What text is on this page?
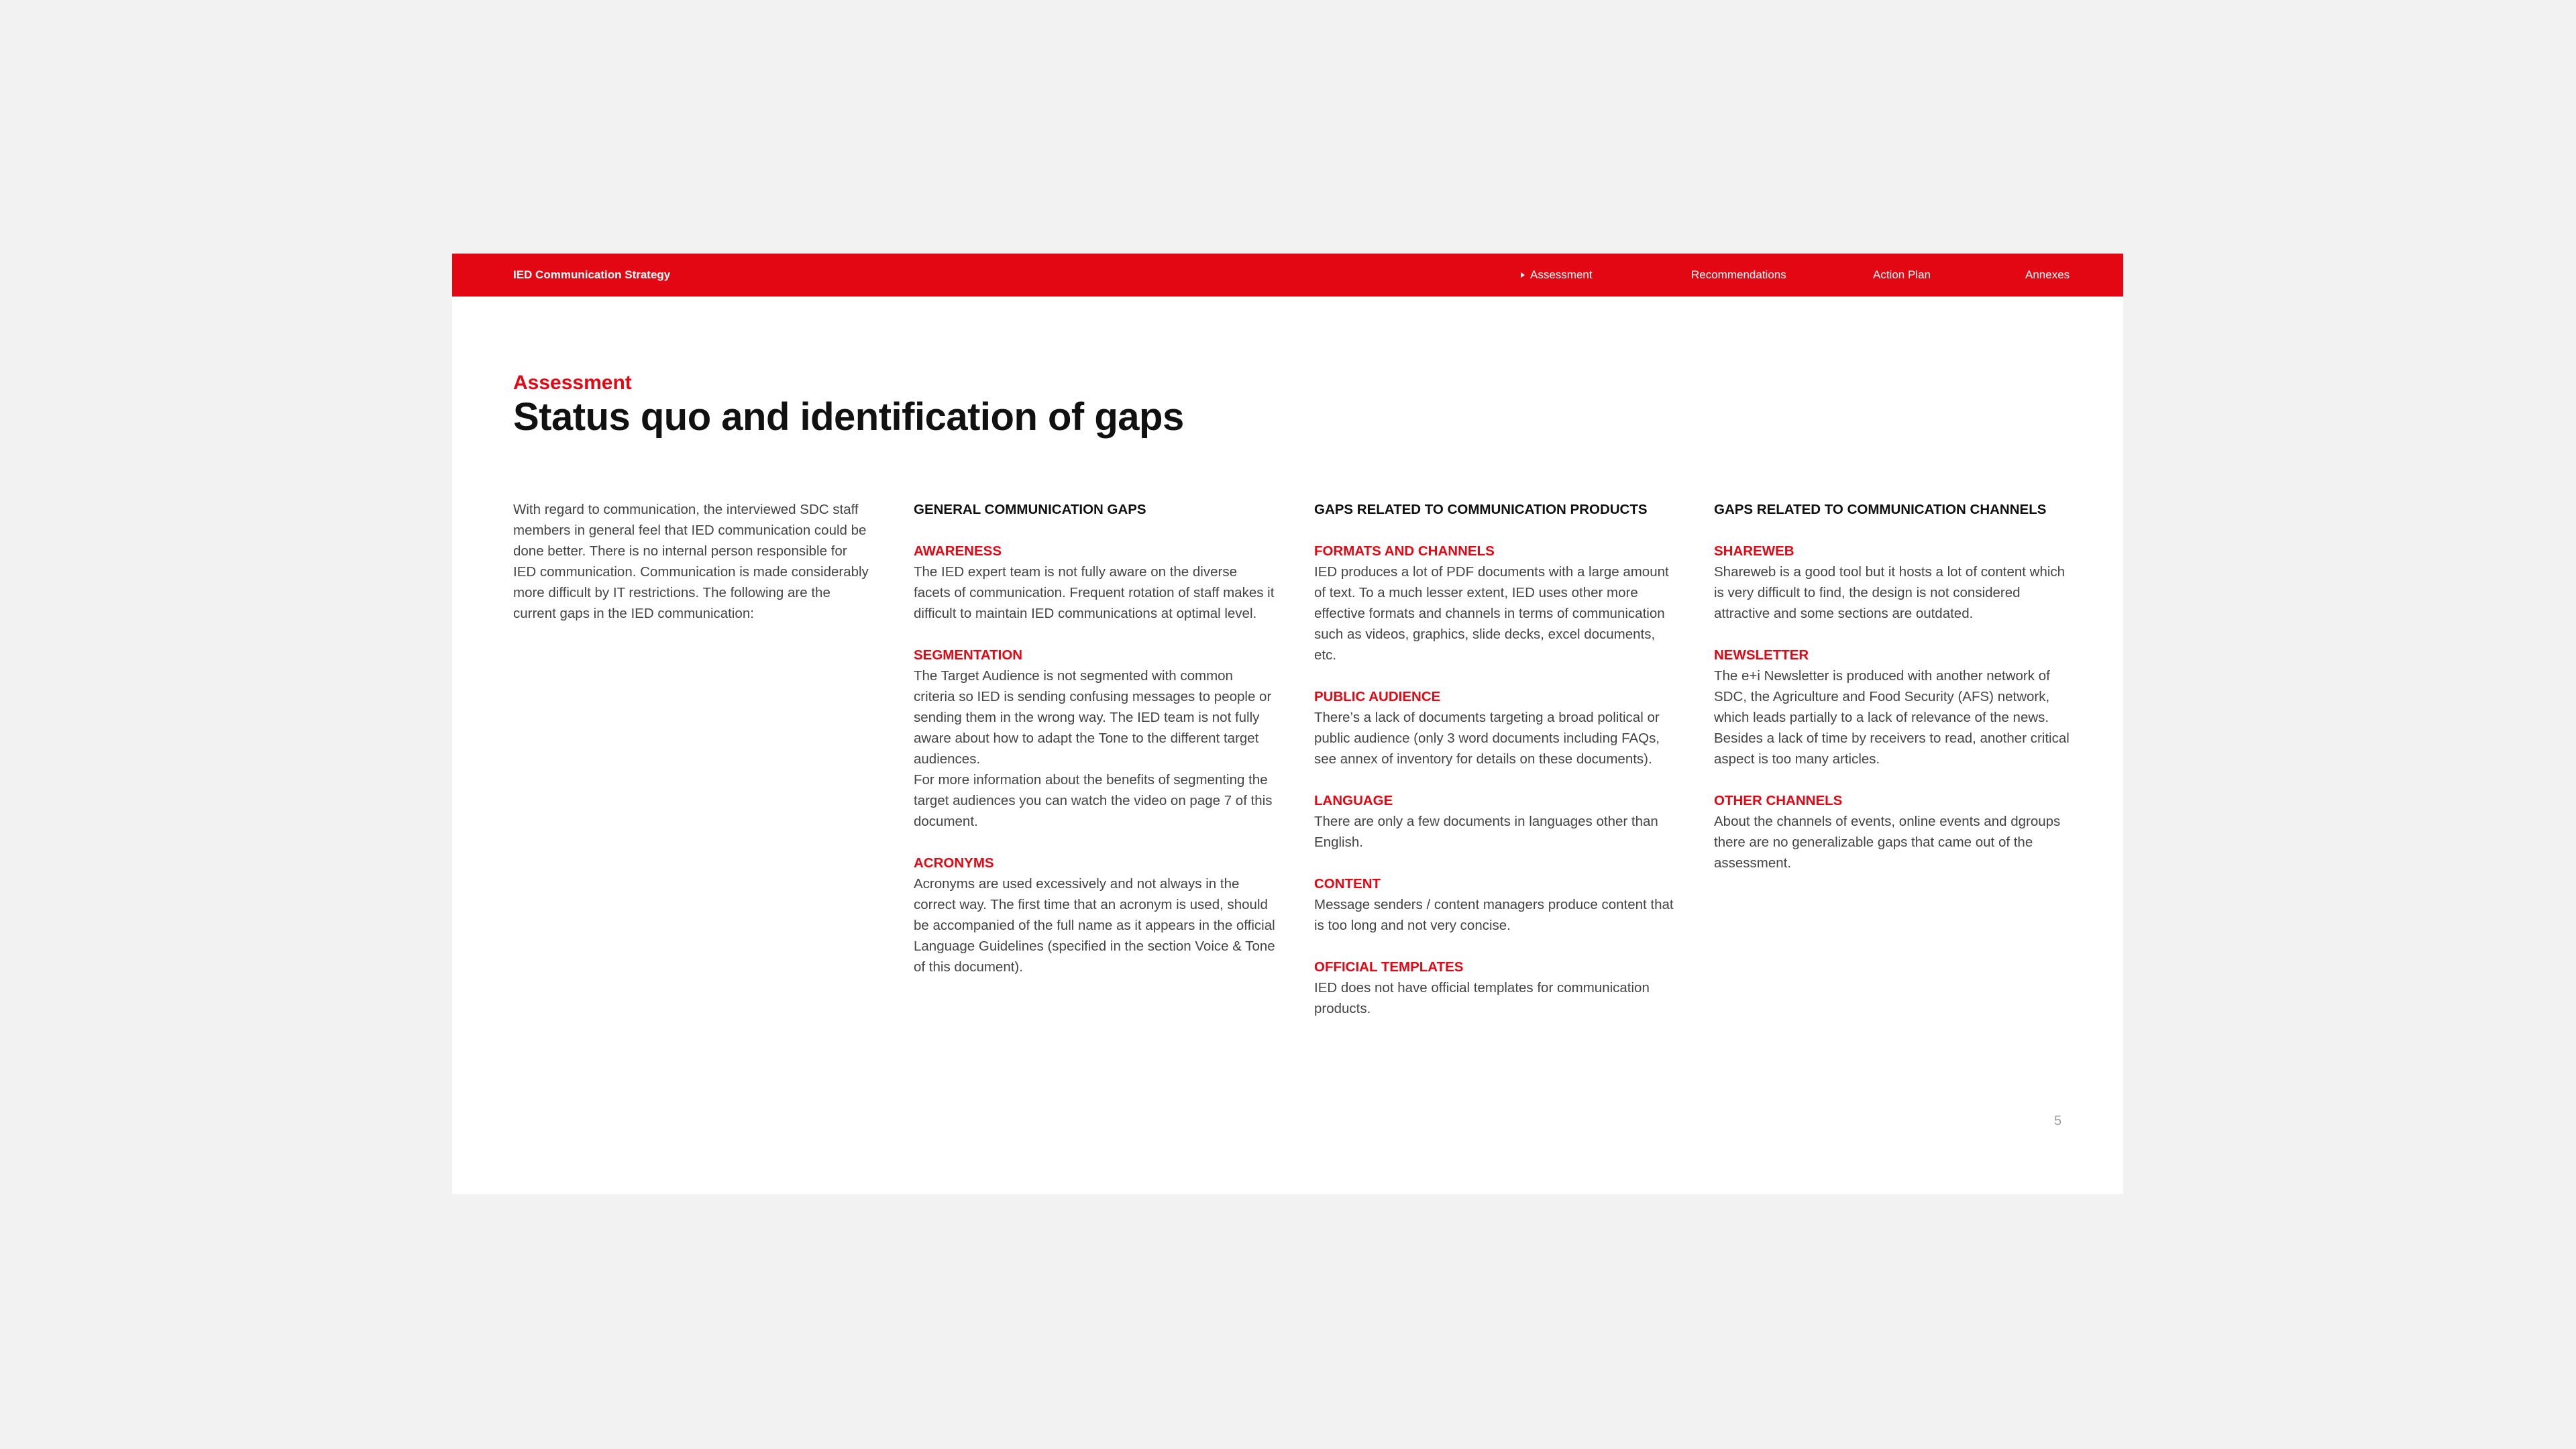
IED Communication Strategy	Assessment	Recommendations	Action Plan	Annexes
Assessment
Status quo and identification of gaps

With regard to communication, the interviewed SDC staff members in general feel that IED communication could be done better. There is no internal person responsible for IED communication. Communication is made considerably more difficult by IT restrictions. The following are the current gaps in the IED communication:

GENERAL COMMUNICATION GAPS
AWARENESS

The IED expert team is not fully aware on the diverse facets of communication. Frequent rotation of staff makes it difficult to maintain IED communications at optimal level.

SEGMENTATION

The Target Audience is not segmented with common criteria so IED is sending confusing messages to people or sending them in the wrong way. The IED team is not fully aware about how to adapt the Tone to the different target audiences.

For more information about the benefits of segmenting the target audiences you can watch the video on page 7 of this document.

ACRONYMS

Acronyms are used excessively and not always in the correct way. The first time that an acronym is used, should be accompanied of the full name as it appears in the official Language Guidelines (specified in the section Voice & Tone of this document).

GAPS RELATED TO COMMUNICATION PRODUCTS
FORMATS AND CHANNELS

IED produces a lot of PDF documents with a large amount of text. To a much lesser extent, IED uses other more effective formats and channels in terms of communication such as videos, graphics, slide decks, excel documents, etc.

PUBLIC AUDIENCE

There’s a lack of documents targeting a broad political or public audience (only 3 word documents including FAQs, see annex of inventory for details on these documents).

LANGUAGE

There are only a few documents in languages other than English.

CONTENT

Message senders / content managers produce content that is too long and not very concise.

OFFICIAL TEMPLATES

IED does not have official templates for communication products.

GAPS RELATED TO COMMUNICATION CHANNELS
SHAREWEB

Shareweb is a good tool but it hosts a lot of content which is very difficult to find, the design is not considered attractive and some sections are outdated.

NEWSLETTER

The e+i Newsletter is produced with another network of SDC, the Agriculture and Food Security (AFS) network, which leads partially to a lack of relevance of the news. Besides a lack of time by receivers to read, another critical aspect is too many articles.

OTHER CHANNELS

About the channels of events, online events and dgroups there are no generalizable gaps that came out of the assessment.

5
